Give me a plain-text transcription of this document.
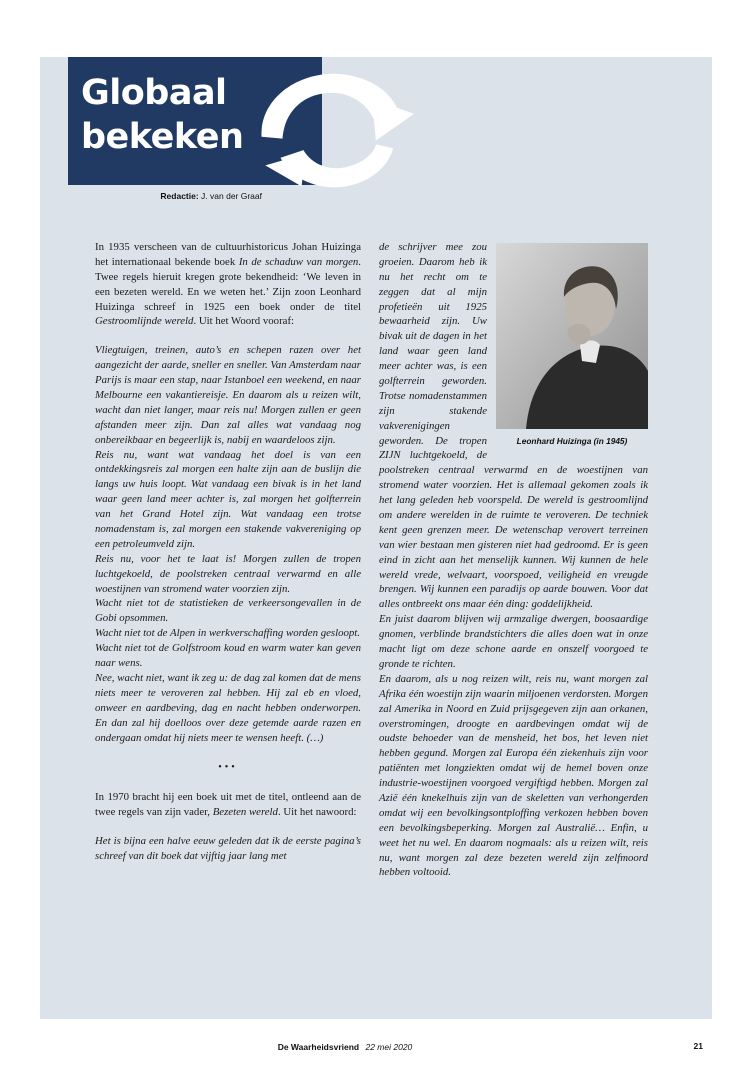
Globaal
bekeken
Redactie: J. van der Graaf

In 1935 verscheen van de cultuurhistoricus Johan Huizinga het internationaal bekende boek In de schaduw van morgen. Twee regels hieruit kregen grote bekendheid: ‘We leven in een bezeten wereld. En we weten het.’ Zijn zoon Leonhard Huizinga schreef in 1925 een boek onder de titel Gestroomlijnde wereld. Uit het Woord vooraf:

Vliegtuigen, treinen, auto’s en schepen razen over het aangezicht der aarde, sneller en sneller. Van Amsterdam naar Parijs is maar een stap, naar Istanboel een weekend, en naar Melbourne een vakantiereisje. En daarom als u reizen wilt, wacht dan niet langer, maar reis nu! Morgen zullen er geen afstanden meer zijn. Dan zal alles wat vandaag nog onbereikbaar en begeerlijk is, nabij en waardeloos zijn.

Reis nu, want wat vandaag het doel is van een ontdekkingsreis zal morgen een halte zijn aan de buslijn die langs uw huis loopt. Wat vandaag een bivak is in het land waar geen land meer achter is, zal morgen het golfterrein van het Grand Hotel zijn. Wat vandaag een trotse nomadenstam is, zal morgen een stakende vakvereniging op een petroleumveld zijn.

Reis nu, voor het te laat is! Morgen zullen de tropen luchtgekoeld, de poolstreken centraal verwarmd en alle woestijnen van stromend water voorzien zijn.

Wacht niet tot de statistieken de verkeersongevallen in de Gobi opsommen.

Wacht niet tot de Alpen in werkverschaffing worden gesloopt.

Wacht niet tot de Golfstroom koud en warm water kan geven naar wens.

Nee, wacht niet, want ik zeg u: de dag zal komen dat de mens niets meer te veroveren zal hebben. Hij zal eb en vloed, onweer en aardbeving, dag en nacht hebben onderworpen. En dan zal hij doelloos over deze getemde aarde razen en ondergaan omdat hij niets meer te wensen heeft. (…)

•••

In 1970 bracht hij een boek uit met de titel, ontleend aan de twee regels van zijn vader, Bezeten wereld. Uit het nawoord:

Het is bijna een halve eeuw geleden dat ik de eerste pagina’s schreef van dit boek dat vijftig jaar lang met

Leonhard Huizinga (in 1945)

de schrijver mee zou groeien. Daarom heb ik nu het recht om te zeggen dat al mijn profetieën uit 1925 bewaarheid zijn. Uw bivak uit de dagen in het land waar geen land meer achter was, is een golfterrein geworden. Trotse nomadenstammen zijn stakende vakverenigingen geworden. De tropen ZIJN luchtgekoeld, de poolstreken centraal verwarmd en de woestijnen van stromend water voorzien. Het is allemaal gekomen zoals ik het lang geleden heb voorspeld. De wereld is gestroomlijnd om andere werelden in de ruimte te veroveren. De techniek kent geen grenzen meer. De wetenschap verovert terreinen van wier bestaan men gisteren niet had gedroomd. Er is geen eind in zicht aan het menselijk kunnen. Wij kunnen de hele wereld vrede, welvaart, voorspoed, veiligheid en vreugde brengen. Wij kunnen een paradijs op aarde bouwen. Voor dat alles ontbreekt ons maar één ding: goddelijkheid.

En juist daarom blijven wij armzalige dwergen, boosaardige gnomen, verblinde brandstichters die alles doen wat in onze macht ligt om deze schone aarde en onszelf voorgoed te gronde te richten.

En daarom, als u nog reizen wilt, reis nu, want morgen zal Afrika één woestijn zijn waarin miljoenen verdorsten. Morgen zal Amerika in Noord en Zuid prijsgegeven zijn aan orkanen, overstromingen, droogte en aardbevingen omdat wij de oudste behoeder van de mensheid, het bos, het leven niet hebben gegund. Morgen zal Europa één ziekenhuis zijn voor patiënten met longziekten omdat wij de hemel boven onze industrie-woestijnen voorgoed vergiftigd hebben. Morgen zal Azië één knekelhuis zijn van de skeletten van verhongerden omdat wij een bevolkingsontploffing verkozen hebben boven een bevolkingsbeperking. Morgen zal Australië… Enfin, u weet het nu wel. En daarom nogmaals: als u reizen wilt, reis nu, want morgen zal deze bezeten wereld zijn zelfmoord hebben voltooid.

De Waarheidsvriend 22 mei 2020	21
